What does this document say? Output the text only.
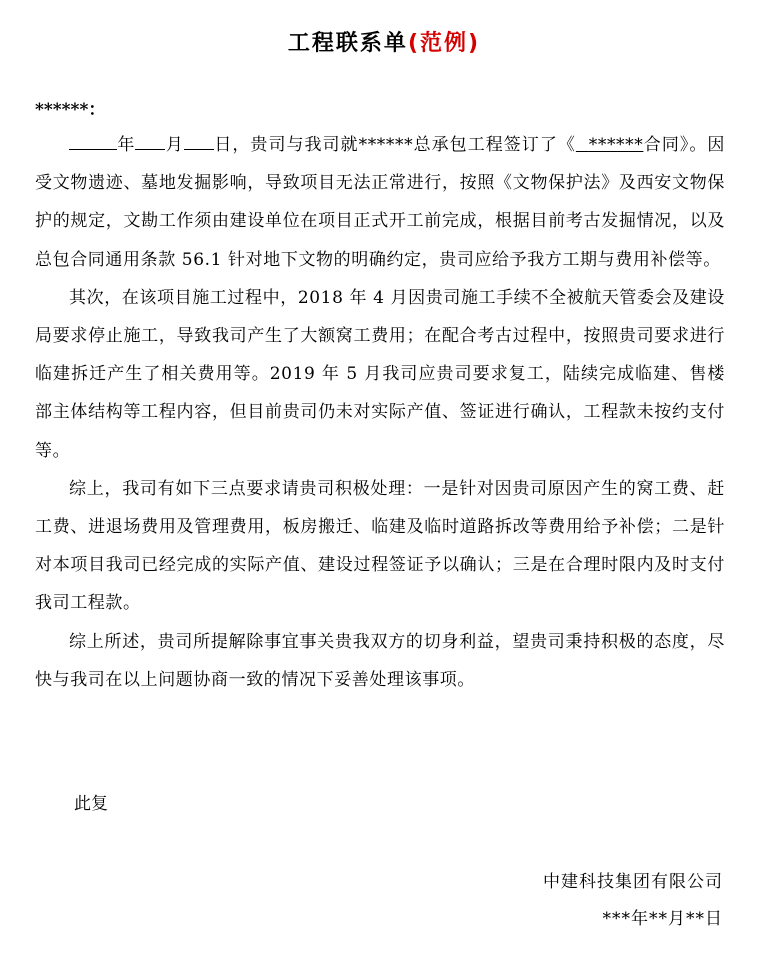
工程联系单(范例)
******：

年 月 日，贵司与我司就******总承包工程签订了《 ******合同》。因受文物遗迹、墓地发掘影响，导致项目无法正常进行，按照《文物保护法》及西安文物保护的规定，文勘工作须由建设单位在项目正式开工前完成，根据目前考古发掘情况，以及总包合同通用条款 56.1 针对地下文物的明确约定，贵司应给予我方工期与费用补偿等。

其次，在该项目施工过程中，2018 年 4 月因贵司施工手续不全被航天管委会及建设局要求停止施工，导致我司产生了大额窝工费用；在配合考古过程中，按照贵司要求进行临建拆迁产生了相关费用等。2019 年 5 月我司应贵司要求复工，陆续完成临建、售楼部主体结构等工程内容，但目前贵司仍未对实际产值、签证进行确认，工程款未按约支付等。

综上，我司有如下三点要求请贵司积极处理：一是针对因贵司原因产生的窝工费、赶工费、进退场费用及管理费用，板房搬迁、临建及临时道路拆改等费用给予补偿；二是针对本项目我司已经完成的实际产值、建设过程签证予以确认；三是在合理时限内及时支付我司工程款。

综上所述，贵司所提解除事宜事关贵我双方的切身利益，望贵司秉持积极的态度，尽快与我司在以上问题协商一致的情况下妥善处理该事项。

此复
中建科技集团有限公司
***年**月**日
